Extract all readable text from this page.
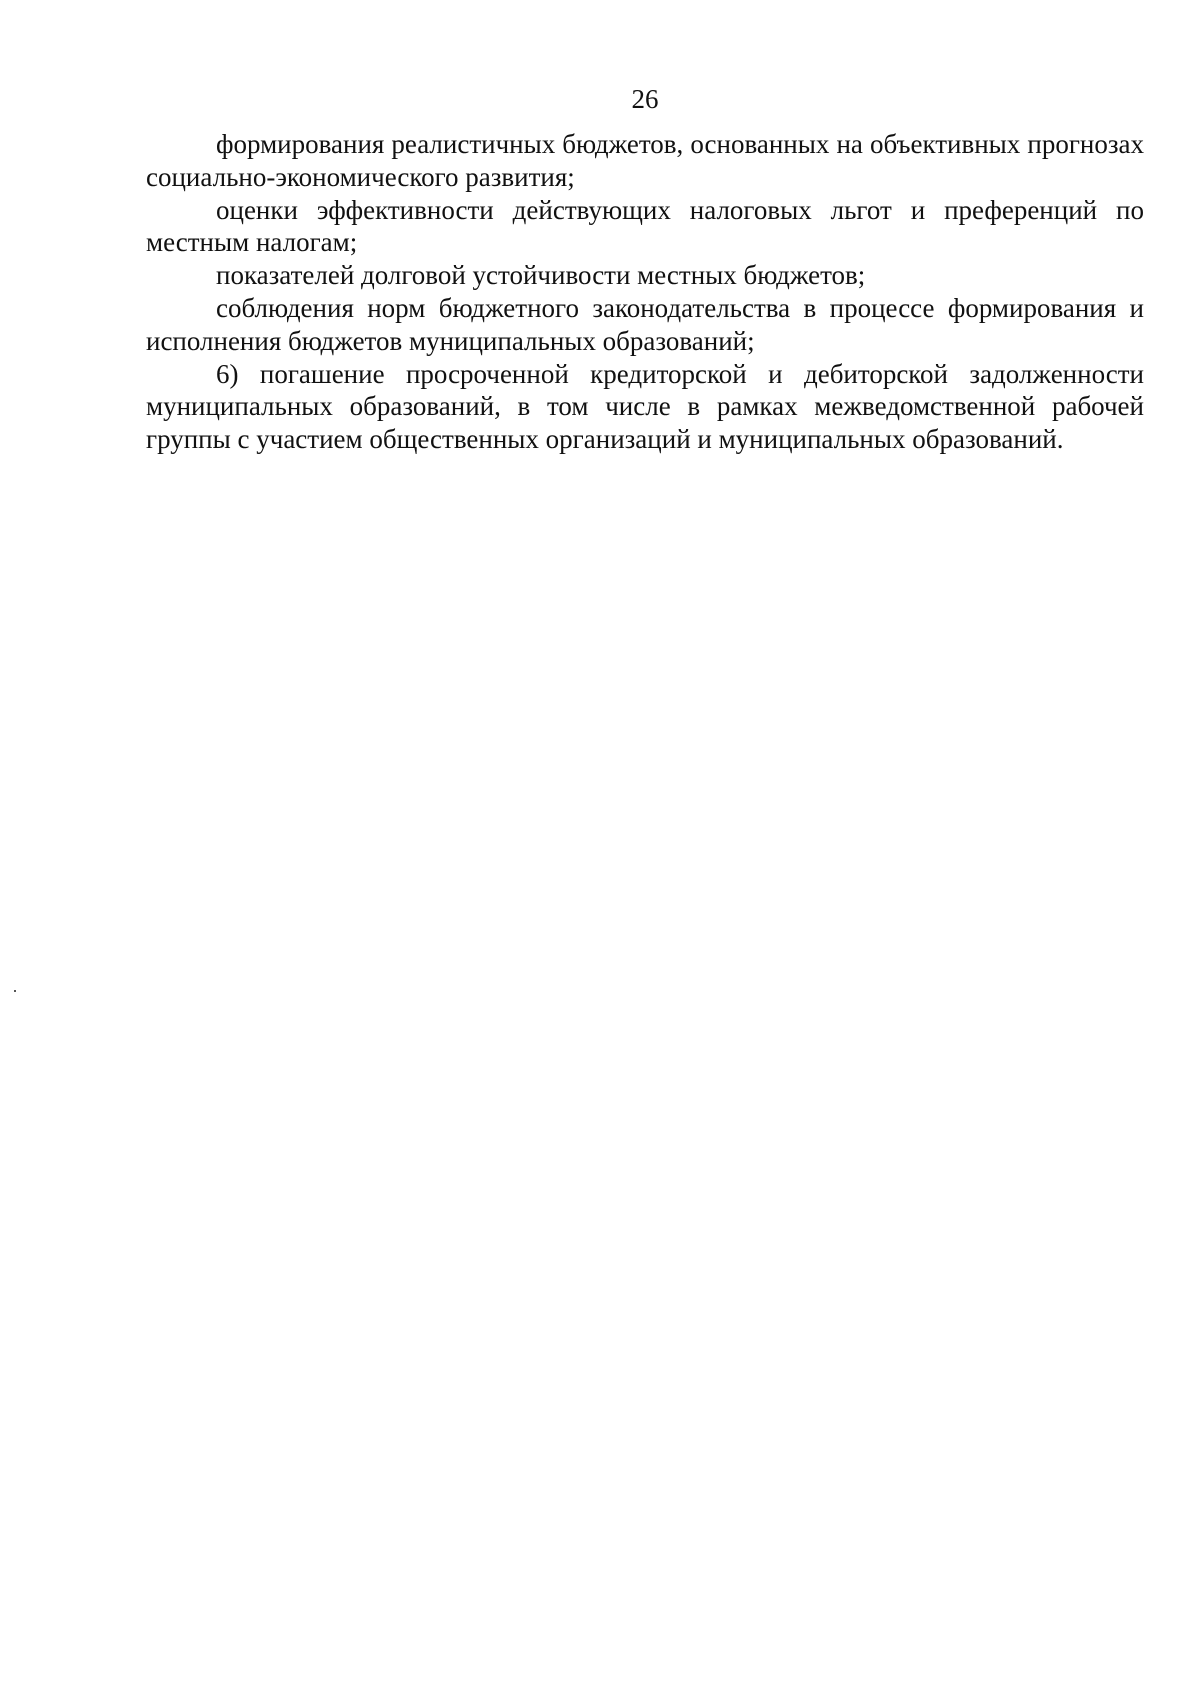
26

формирования реалистичных бюджетов, основанных на объективных прогнозах социально-экономического развития;

оценки эффективности действующих налоговых льгот и преференций по местным налогам;

показателей долговой устойчивости местных бюджетов;

соблюдения норм бюджетного законодательства в процессе формирования и исполнения бюджетов муниципальных образований;

6) погашение просроченной кредиторской и дебиторской задолженности муниципальных образований, в том числе в рамках межведомственной рабочей группы с участием общественных организаций и муниципальных образований.
